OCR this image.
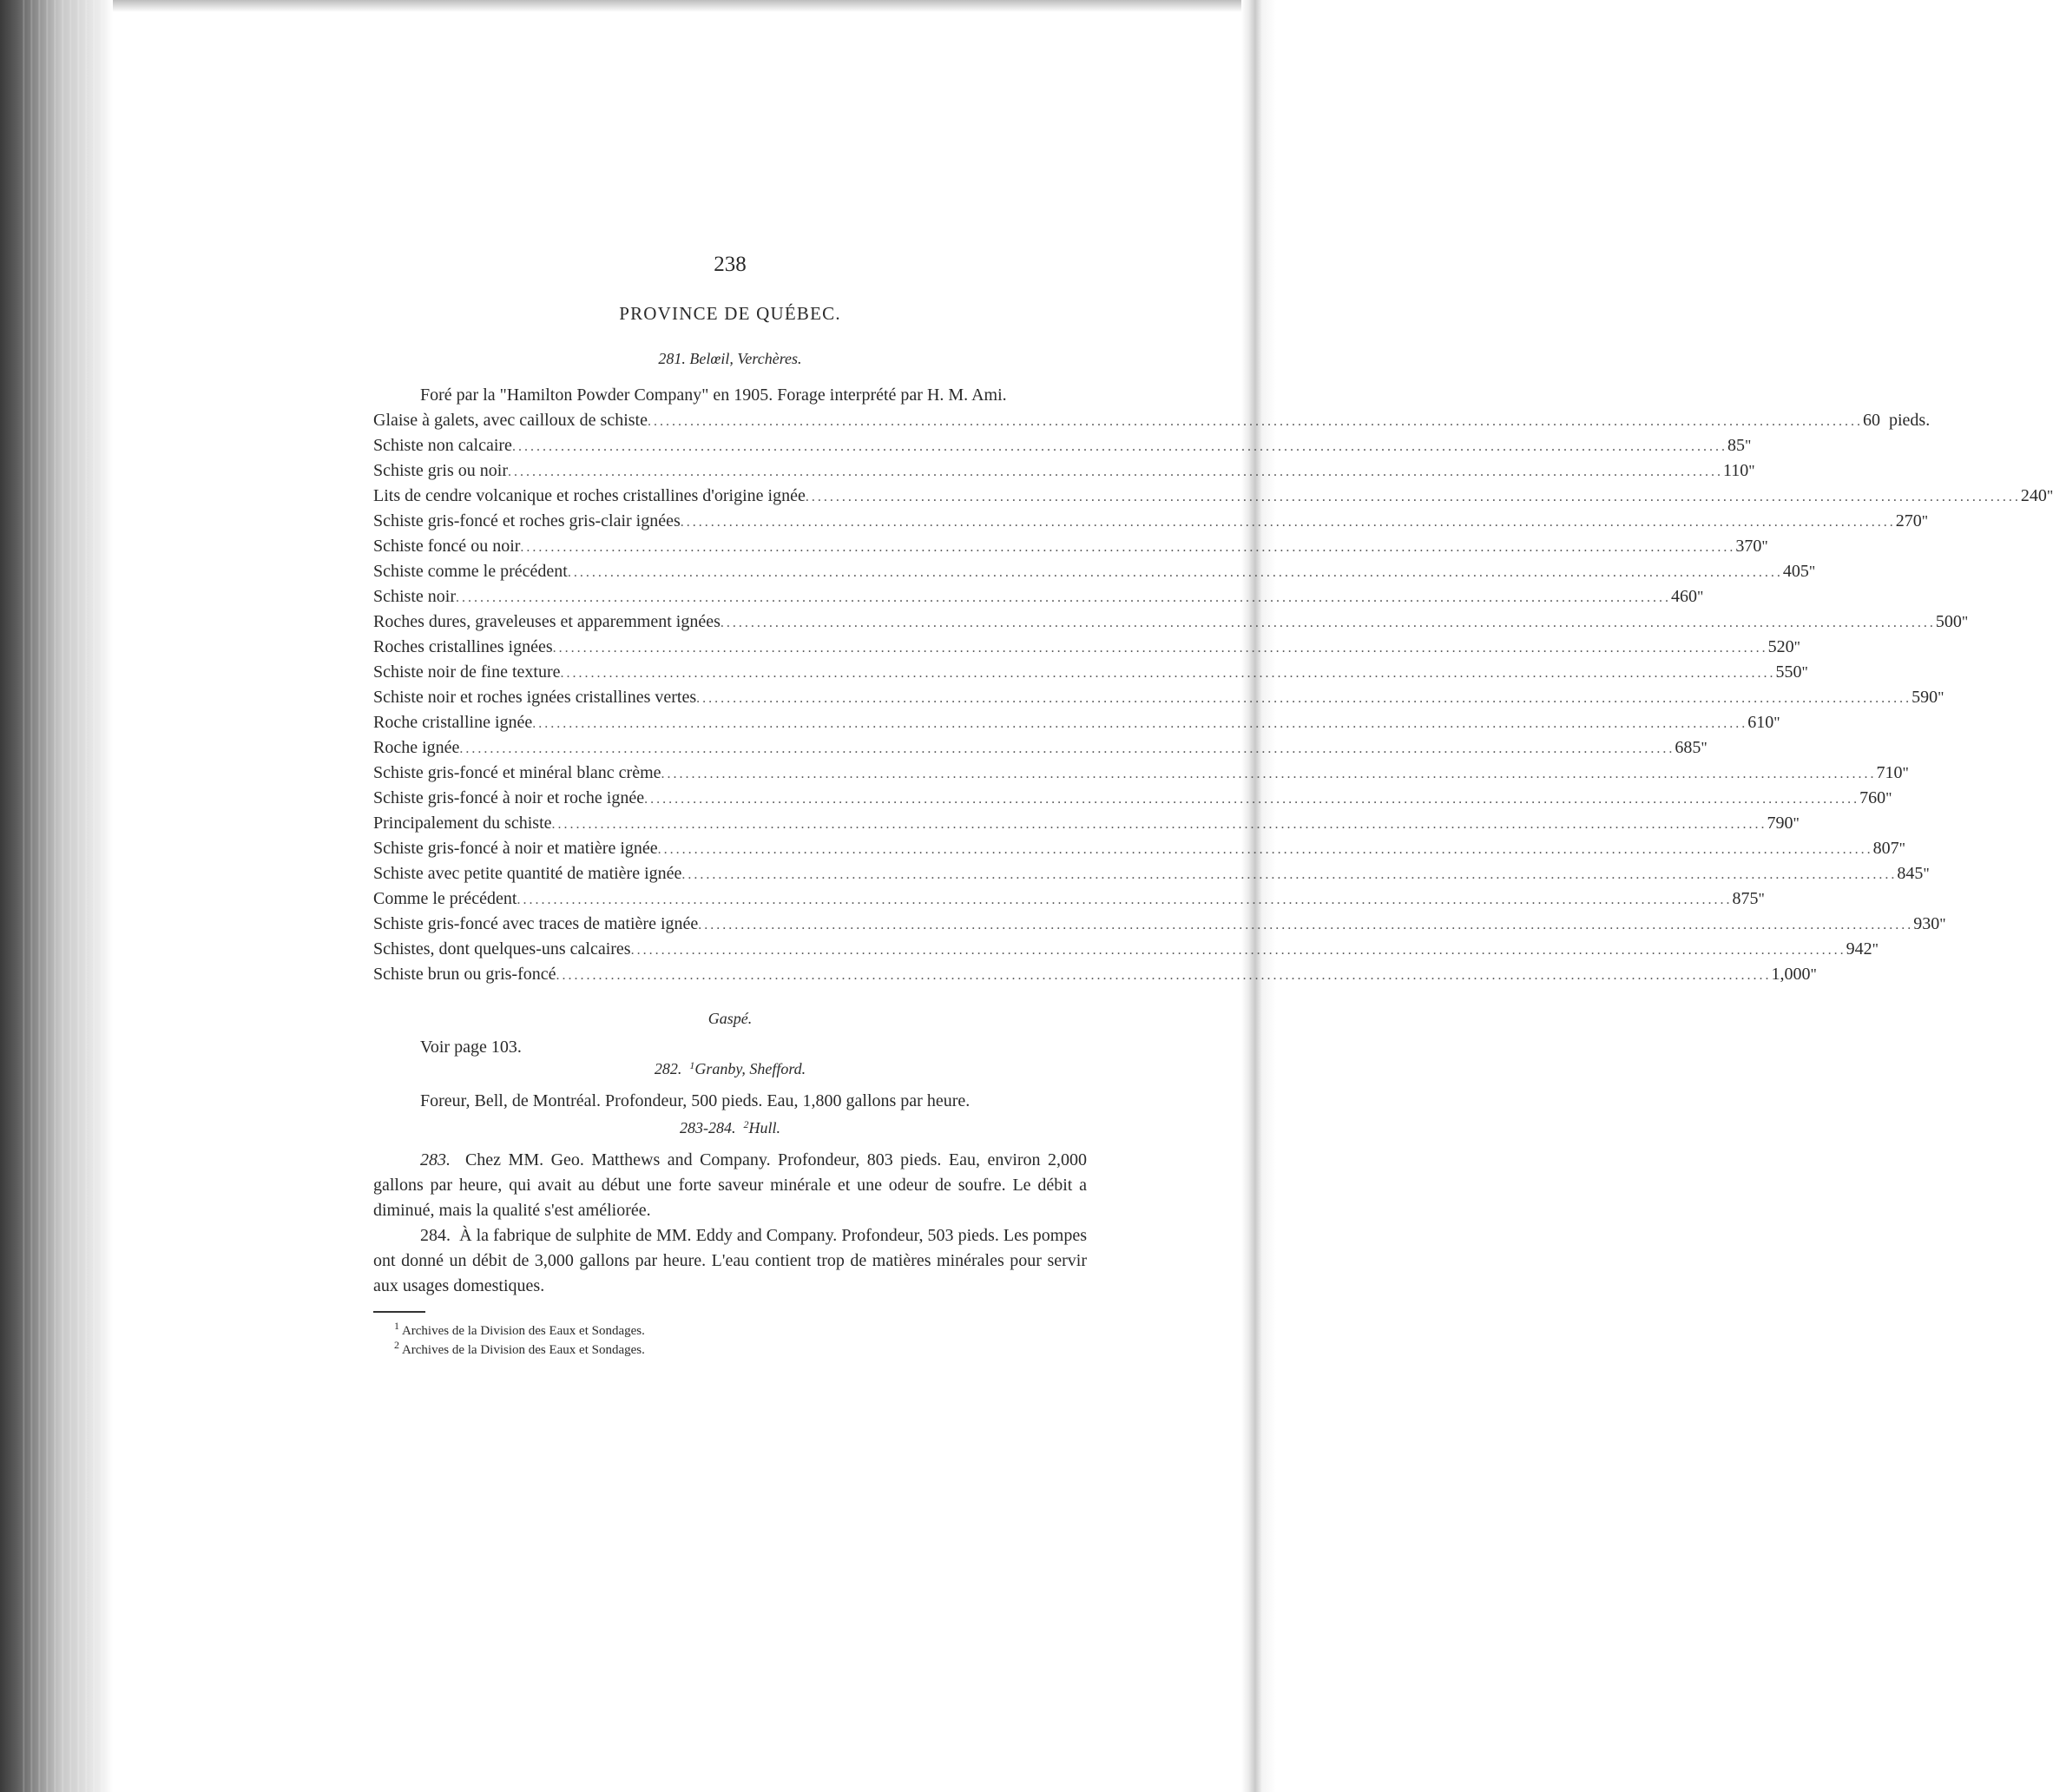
238
PROVINCE DE QUÉBEC.
281. Belœil, Verchères.

Foré par la "Hamilton Powder Company" en 1905. Forage interprété par H. M. Ami.

Glaise à galets, avec cailloux de schiste ........................................................................................................................................................................................................ 60 pieds.
Schiste non calcaire ........................................................................................................................................................................................................ 85 "
Schiste gris ou noir ........................................................................................................................................................................................................ 110 "
Lits de cendre volcanique et roches cristallines d'origine ignée ........................................................................................................................................................................................................ 240 "
Schiste gris-foncé et roches gris-clair ignées ........................................................................................................................................................................................................ 270 "
Schiste foncé ou noir ........................................................................................................................................................................................................ 370 "
Schiste comme le précédent ........................................................................................................................................................................................................ 405 "
Schiste noir ........................................................................................................................................................................................................ 460 "
Roches dures, graveleuses et apparemment ignées ........................................................................................................................................................................................................ 500 "
Roches cristallines ignées ........................................................................................................................................................................................................ 520 "
Schiste noir de fine texture ........................................................................................................................................................................................................ 550 "
Schiste noir et roches ignées cristallines vertes ........................................................................................................................................................................................................ 590 "
Roche cristalline ignée ........................................................................................................................................................................................................ 610 "
Roche ignée ........................................................................................................................................................................................................ 685 "
Schiste gris-foncé et minéral blanc crème ........................................................................................................................................................................................................ 710 "
Schiste gris-foncé à noir et roche ignée ........................................................................................................................................................................................................ 760 "
Principalement du schiste ........................................................................................................................................................................................................ 790 "
Schiste gris-foncé à noir et matière ignée ........................................................................................................................................................................................................ 807 "
Schiste avec petite quantité de matière ignée ........................................................................................................................................................................................................ 845 "
Comme le précédent ........................................................................................................................................................................................................ 875 "
Schiste gris-foncé avec traces de matière ignée ........................................................................................................................................................................................................ 930 "
Schistes, dont quelques-uns calcaires ........................................................................................................................................................................................................ 942 "
Schiste brun ou gris-foncé ........................................................................................................................................................................................................ 1,000 "
Gaspé.
Voir page 103.
282. $^1$Granby, Shefford.

Foreur, Bell, de Montréal. Profondeur, 500 pieds. Eau, 1,800 gallons par heure.

283-284. $^2$Hull.

283. Chez MM. Geo. Matthews and Company. Profondeur, 803 pieds. Eau, environ 2,000 gallons par heure, qui avait au début une forte saveur minérale et une odeur de soufre. Le débit a diminué, mais la qualité s'est améliorée.

284. À la fabrique de sulphite de MM. Eddy and Company. Profondeur, 503 pieds. Les pompes ont donné un débit de 3,000 gallons par heure. L'eau contient trop de matières minérales pour servir aux usages domestiques.

$^1$ Archives de la Division des Eaux et Sondages.
$^2$ Archives de la Division des Eaux et Sondages.
